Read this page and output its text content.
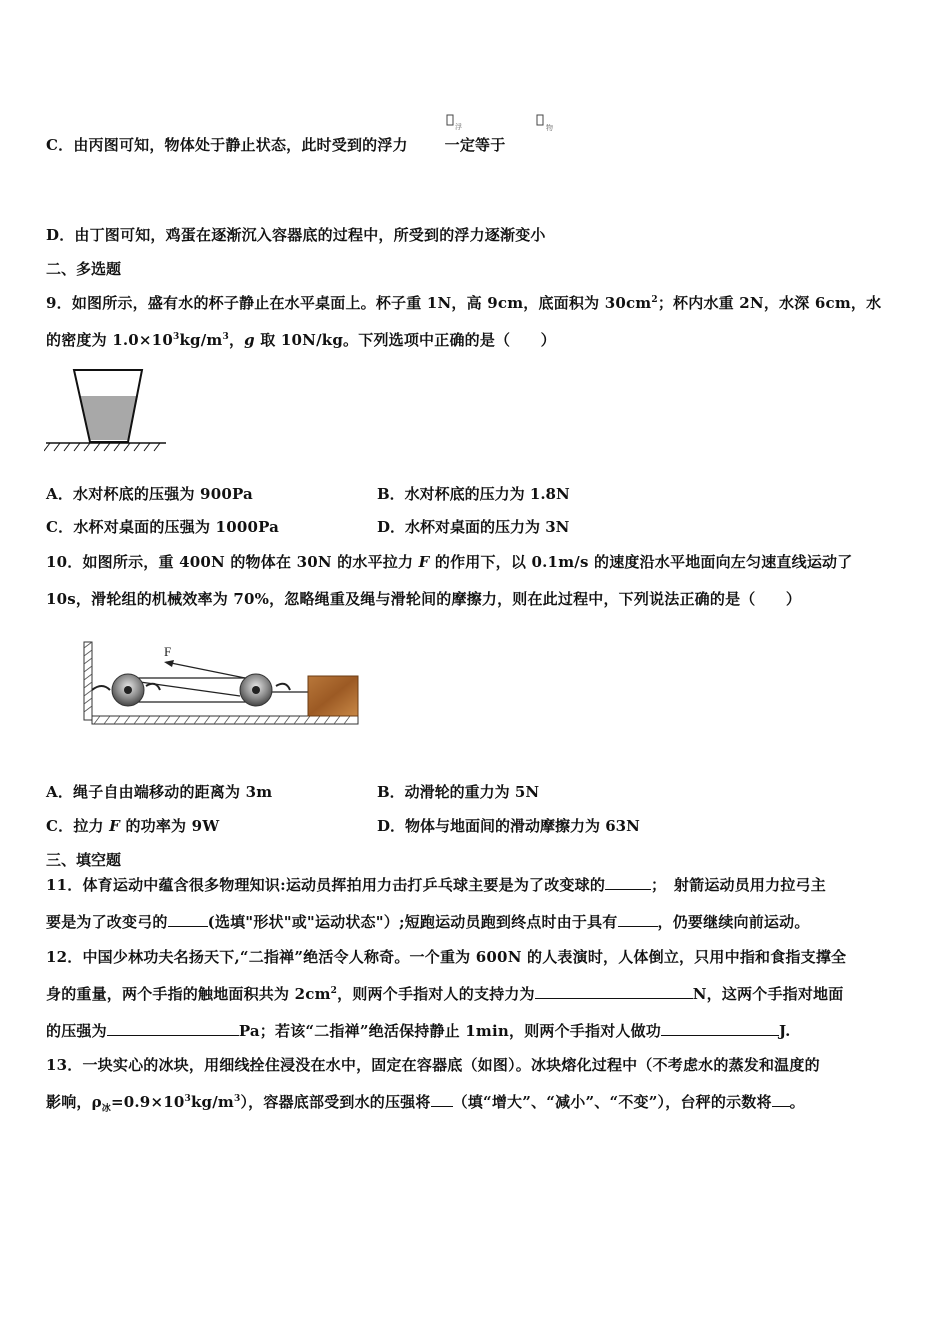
C．由丙图可知，物体处于静止状态，此时受到的浮力 一定等于
浮	物
D．由丁图可知，鸡蛋在逐渐沉入容器底的过程中，所受到的浮力逐渐变小
二、多选题
9．如图所示，盛有水的杯子静止在水平桌面上。杯子重 1N，高 9cm，底面积为 $30cm^2$；杯内水重 2N，水深 6cm，水
的密度为 $1.0\times 10^3kg/m^3$，g 取 10N/kg。下列选项中正确的是（　　）
A．水对杯底的压强为 900Pa	B．水对杯底的压力为 1.8N
C．水杯对桌面的压强为 1000Pa	D．水杯对桌面的压力为 3N
10．如图所示，重 400N 的物体在 30N 的水平拉力 F 的作用下，以 0.1m/s 的速度沿水平地面向左匀速直线运动了
10s，滑轮组的机械效率为 70%，忽略绳重及绳与滑轮间的摩擦力，则在此过程中，下列说法正确的是（　　）
F
A．绳子自由端移动的距离为 3m	B．动滑轮的重力为 5N
C．拉力 F 的功率为 9W	D．物体与地面间的滑动摩擦力为 63N
三、填空题
11．体育运动中蕴含很多物理知识:运动员挥拍用力击打乒乓球主要是为了改变球的	；　射箭运动员用力拉弓主
要是为了改变弓的	(选填"形状"或"运动状态"）;短跑运动员跑到终点时由于具有	，仍要继续向前运动。
12．中国少林功夫名扬天下,“二指禅”绝活令人称奇。一个重为 600N 的人表演时，人体倒立，只用中指和食指支撑全
身的重量，两个手指的触地面积共为 $2cm^2$，则两个手指对人的支持力为	N，这两个手指对地面
的压强为	Pa；若该“二指禅”绝活保持静止 1min，则两个手指对人做功	J.
13．一块实心的冰块，用细线拴住浸没在水中，固定在容器底（如图）。冰块熔化过程中（不考虑水的蒸发和温度的
影响，$\rho_冰=0.9\times 10^3kg/m^3$），容器底部受到水的压强将 （填“增大”、“减小”、“不变”），台秤的示数将 。
